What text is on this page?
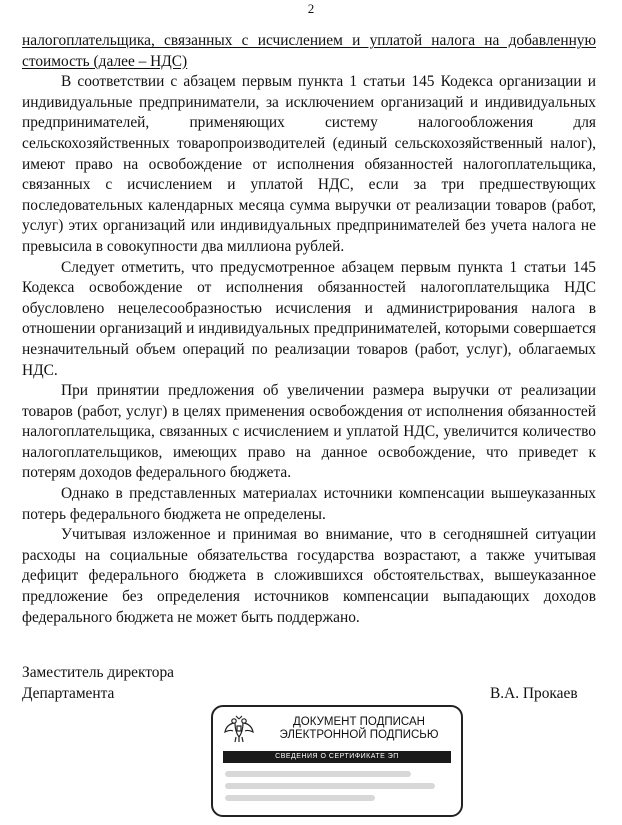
2

налогоплательщика, связанных с исчислением и уплатой налога на добавленную стоимость (далее – НДС)

В соответствии с абзацем первым пункта 1 статьи 145 Кодекса организации и индивидуальные предприниматели, за исключением организаций и индивидуальных предпринимателей, применяющих систему налогообложения для сельскохозяйственных товаропроизводителей (единый сельскохозяйственный налог), имеют право на освобождение от исполнения обязанностей налогоплательщика, связанных с исчислением и уплатой НДС, если за три предшествующих последовательных календарных месяца сумма выручки от реализации товаров (работ, услуг) этих организаций или индивидуальных предпринимателей без учета налога не превысила в совокупности два миллиона рублей.

Следует отметить, что предусмотренное абзацем первым пункта 1 статьи 145 Кодекса освобождение от исполнения обязанностей налогоплательщика НДС обусловлено нецелесообразностью исчисления и администрирования налога в отношении организаций и индивидуальных предпринимателей, которыми совершается незначительный объем операций по реализации товаров (работ, услуг), облагаемых НДС.

При принятии предложения об увеличении размера выручки от реализации товаров (работ, услуг) в целях применения освобождения от исполнения обязанностей налогоплательщика, связанных с исчислением и уплатой НДС, увеличится количество налогоплательщиков, имеющих право на данное освобождение, что приведет к потерям доходов федерального бюджета.

Однако в представленных материалах источники компенсации вышеуказанных потерь федерального бюджета не определены.

Учитывая изложенное и принимая во внимание, что в сегодняшней ситуации расходы на социальные обязательства государства возрастают, а также учитывая дефицит федерального бюджета в сложившихся обстоятельствах, вышеуказанное предложение без определения источников компенсации выпадающих доходов федерального бюджета не может быть поддержано.

Заместитель директора
Департамента	В.А. Прокаев
ДОКУМЕНТ ПОДПИСАН
ЭЛЕКТРОННОЙ ПОДПИСЬЮ
СВЕДЕНИЯ О СЕРТИФИКАТЕ ЭП
